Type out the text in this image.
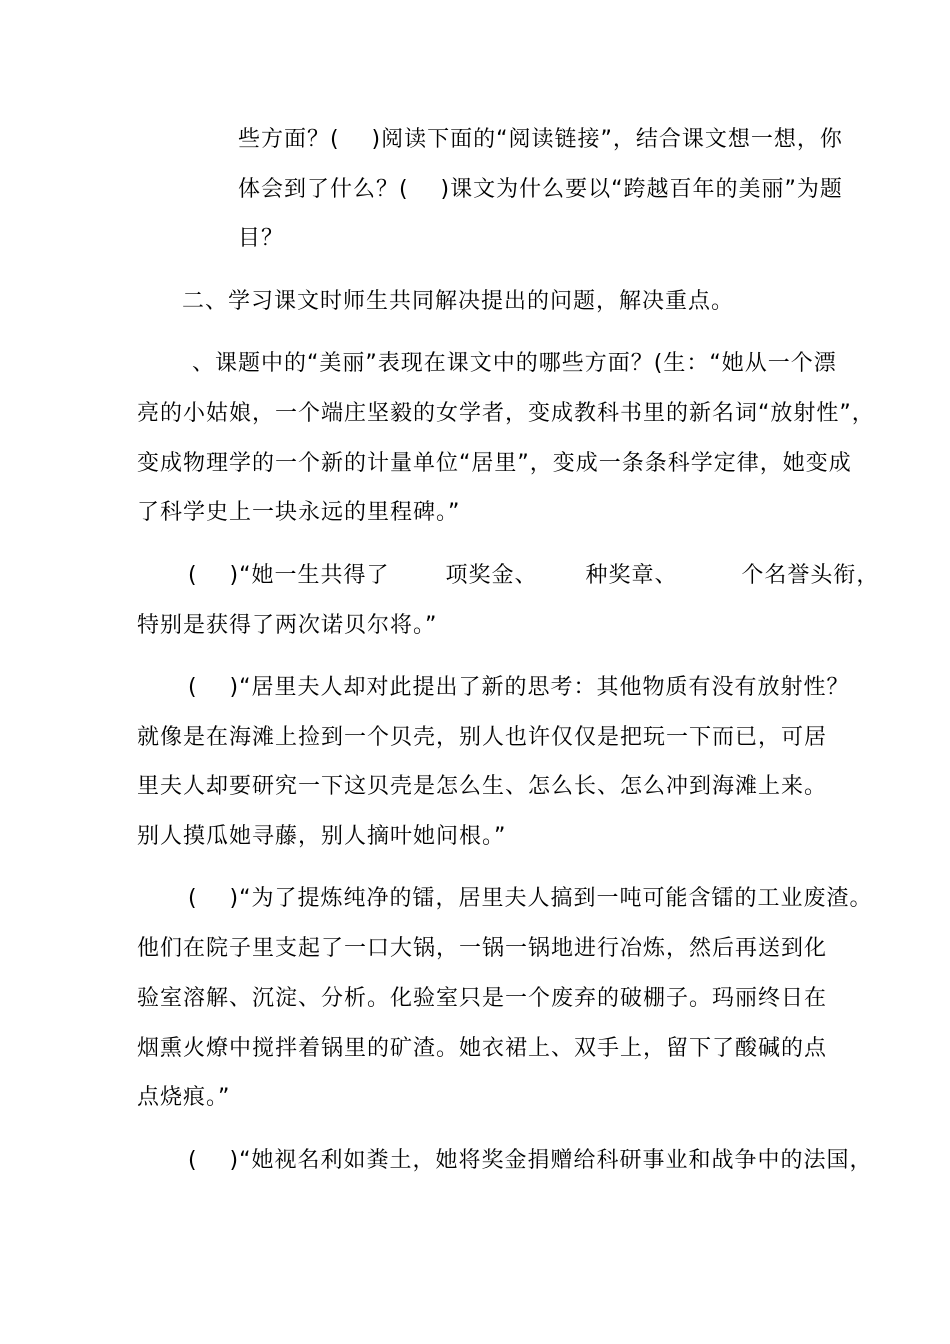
些方面？(    )阅读下面的“阅读链接”，结合课文想一想，你
体会到了什么？(    )课文为什么要以“跨越百年的美丽”为题
目？
二、学习课文时师生共同解决提出的问题，解决重点。
、课题中的“美丽”表现在课文中的哪些方面？(生：“她从一个漂
亮的小姑娘，一个端庄坚毅的女学者，变成教科书里的新名词“放射性”，
变成物理学的一个新的计量单位“居里”，变成一条条科学定律，她变成
了科学史上一块永远的里程碑。”
(    )“她一生共得了       项奖金、      种奖章、        个名誉头衔，
特别是获得了两次诺贝尔将。”
(    )“居里夫人却对此提出了新的思考：其他物质有没有放射性？
就像是在海滩上捡到一个贝壳，别人也许仅仅是把玩一下而已，可居
里夫人却要研究一下这贝壳是怎么生、怎么长、怎么冲到海滩上来。
别人摸瓜她寻藤，别人摘叶她问根。”
(    )“为了提炼纯净的镭，居里夫人搞到一吨可能含镭的工业废渣。
他们在院子里支起了一口大锅，一锅一锅地进行冶炼，然后再送到化
验室溶解、沉淀、分析。化验室只是一个废弃的破棚子。玛丽终日在
烟熏火燎中搅拌着锅里的矿渣。她衣裙上、双手上，留下了酸碱的点
点烧痕。”
(    )“她视名利如粪土，她将奖金捐赠给科研事业和战争中的法国，
